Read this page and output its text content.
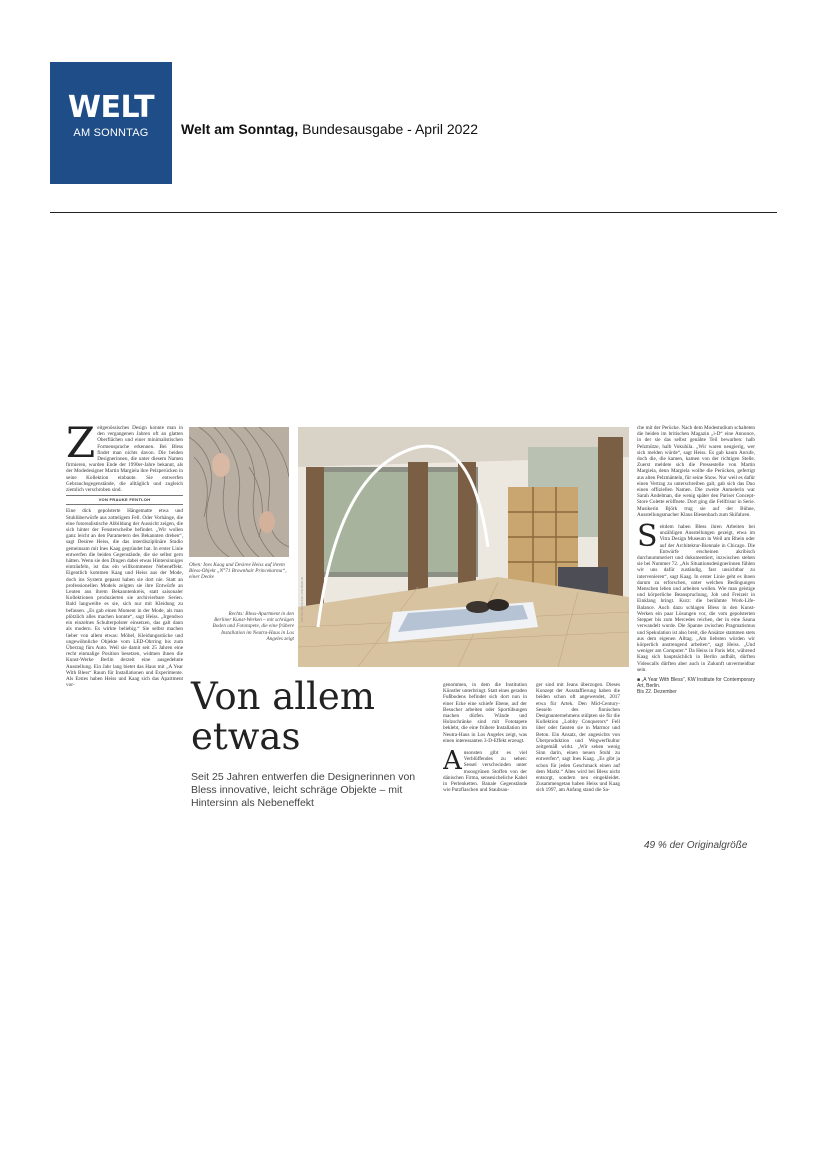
WELT
AM SONNTAG	Welt am Sonntag, Bundesausgabe - April 2022
Z eitgenössisches Design konnte man in den vergangenen Jahren oft an glatten Oberflächen und einer minimalistischen Formensprache erkennen. Bei Bless findet man nichts davon. Die beiden Designerinnen, die unter diesem Namen firmieren, wurden Ende der 1990er-Jahre bekannt, als der Modedesigner Martin Margiela ihre Pelzperücken in seine Kollektion einbaute. Sie entwerfen Gebrauchsgegenstände, die alltäglich und zugleich ziemlich verschroben sind.
VON FRAUKE FENTLOH
Eine dick gepolsterte Hängematte etwa und Stuhlüberwürfe aus zotteligem Fell. Oder Vorhänge, die eine fotorealistische Abbildung der Aussicht zeigen, die sich hinter der Fensterscheibe befindet. „Wir wollen ganz leicht an den Parametern des Bekannten drehen“, sagt Desiree Heiss, die das interdisziplinäre Studio gemeinsam mit Ines Kaag gegründet hat. In erster Linie entwerfen die beiden Gegenstände, die sie selbst gern hätten. Wenn sie den Dingen dabei etwas Hintersinniges einträufeln, ist das ein willkommener Nebeneffekt. Eigentlich kommen Kaag und Heiss aus der Mode, doch ins System gepasst haben sie dort nie. Statt an professionellen Models zeigten sie ihre Entwürfe an Leuten aus ihrem Bekanntenkreis, statt saisonaler Kollektionen produzierten sie archivierbare Serien. Bald langweilte es sie, sich nur mit Kleidung zu befassen. „Es gab einen Moment in der Mode, als man plötzlich alles machen konnte“, sagt Heiss. „Irgendwo ein einzelnes Schulterpolster einsetzen, das galt dann als modern. Es wirkte beliebig.“ Sie selbst machen lieber von allem etwas: Möbel, Kleidungsstücke und ungewöhnliche Objekte vom LED-Ohrring bis zum Überzug fürs Auto. Weil sie damit seit 25 Jahren eine recht einmalige Position besetzen, widmen ihnen die Kunst-Werke Berlin derzeit eine ausgedehnte Ausstellung. Ein Jahr lang bietet das Haus mit „A Year With Bless“ Raum für Installationen und Experimente. Als Erstes haben Heiss und Kaag sich das Apartment vor-
Oben: Ines Kaag und Desiree Heiss auf ihrem Bless-Objekt „N°71 Brownhair Princekarma“, einer Decke
Rechts: Bless-Apartment in den Berliner Kunst-Werken – mit schrägen Boden und Fototapete, die eine frühere Installation im Neutra-Haus in Los Angeles zeigt
FRANK SPERLING / KW BERLIN
Von allem
etwas
Seit 25 Jahren entwerfen die Designerinnen von Bless innovative, leicht schräge Objekte – mit Hintersinn als Nebeneffekt
genommen, in dem die Institution Künstler unterbringt. Statt eines geraden Fußbodens befindet sich dort nun in einer Ecke eine schiefe Ebene, auf der Besucher arbeiten oder Sportübungen machen dürfen. Wände und Holzschränke sind mit Fototapete beklebt, die eine frühere Installation im Neutra-Haus in Los Angeles zeigt, was einen interessanten 3-D-Effekt erzeugt.
A nsonsten gibt es viel Verblüffendes zu sehen: Sessel verschwinden unter moosgrünen Stoffen von der dänischen Firma, sensesicheliche Kabel in Perlenketten. Banale Gegenstände wie Putzflaschen und Staubsau-
ger sind mit Jeans überzogen. Dieses Konzept der Ausstaffierung haben die beiden schon oft angewendet, 2017 etwa für Artek. Den Mid-Century-Sesseln des finnischen Designunternehmens stülpten sie für die Kollektion „Lobby Conquerors“ Fell über oder fassten sie in Marmor und Beton. Ein Ansatz, der angesichts von Überproduktion und Wegwerfkultur zeitgemäß wirkt. „Wir sehen wenig Sinn darin, einen neuen Stuhl zu entwerfen“, sagt Ines Kaag. „Es gibt ja schon für jeden Geschmack einen auf dem Markt.“ Altes wird bei Bless nicht entsorgt, sondern neu eingekleidet. Zusammengetan haben Heiss und Kaag sich 1997, am Anfang stand die Sa-
che mit der Perücke. Nach dem Modestudium schalteten die beiden im britischen Magazin „i-D“ eine Annonce, in der sie das selbst genähte Teil bewarben: halb Pelzmütze, halb Vokuhila. „Wir waren neugierig, wer sich melden würde“, sagt Heiss. Es gab kaum Anrufe, doch die, die kamen, kamen von der richtigen Stelle. Zuerst meldete sich die Pressestelle von Martin Margiela, denn Margiela wollte die Perücken, gefertigt aus alten Pelzmänteln, für seine Show. Nur weil es dafür einen Vertrag zu unterschreiben galt, gab sich das Duo einen offiziellen Namen. Die zweite Anmelerin war Sarah Andelman, die wenig später den Pariser Concept-Store Colette eröffnete. Dort ging die Fellfrisur in Serie. Musikerin Björk trug sie auf der Bühne, Ausstellungsmacher Klaus Biesenbach zum Skifahren.
S eitdem haben Bless ihren Arbeiten bei unzähligen Ausstellungen gezeigt, etwa im Vitra Design Museum in Weil am Rhein oder auf der Architektur-Biennale in Chicago. Die Entwürfe erscheinen akribisch durchnummeriert und dokumentiert, inzwischen stehen sie bei Nummer 72. „Als Situationsdesignerinnen fühlen wir uns dafür zuständig, fast unsichtbar zu intervenieren“, sagt Kaag. In erster Linie geht es ihnen darum zu erforschen, unter welchen Bedingungen Menschen leben und arbeiten wollen. Wie man geistige und körperliche Beanspruchung, Job und Freizeit in Einklang bringt. Kurz: die berühmte Work-Life-Balance. Auch dazu schlagen Bless in den Kunst-Werken ein paar Lösungen vor, die vom gepolsterten Stepper bis zum Mercedes reichen, der in eine Sauna verwandelt wurde. Die Spanne zwischen Pragmatismus und Spekulation ist also breit, die Ansätze stammen stets aus dem eigenen Alltag. „Am liebsten würden wir körperlich anstrengend arbeiten“, sagt Heiss. „Und weniger am Computer.“ Da Heiss in Paris lebt, während Kaag sich hauptsächlich in Berlin aufhält, dürften Videocalls dürften aber auch in Zukunft unvermeidbar sein.
■ „A Year With Bless“, KW Institute for Contemporary Art, Berlin.
Bis 22. Dezember
49 % der Originalgröße
